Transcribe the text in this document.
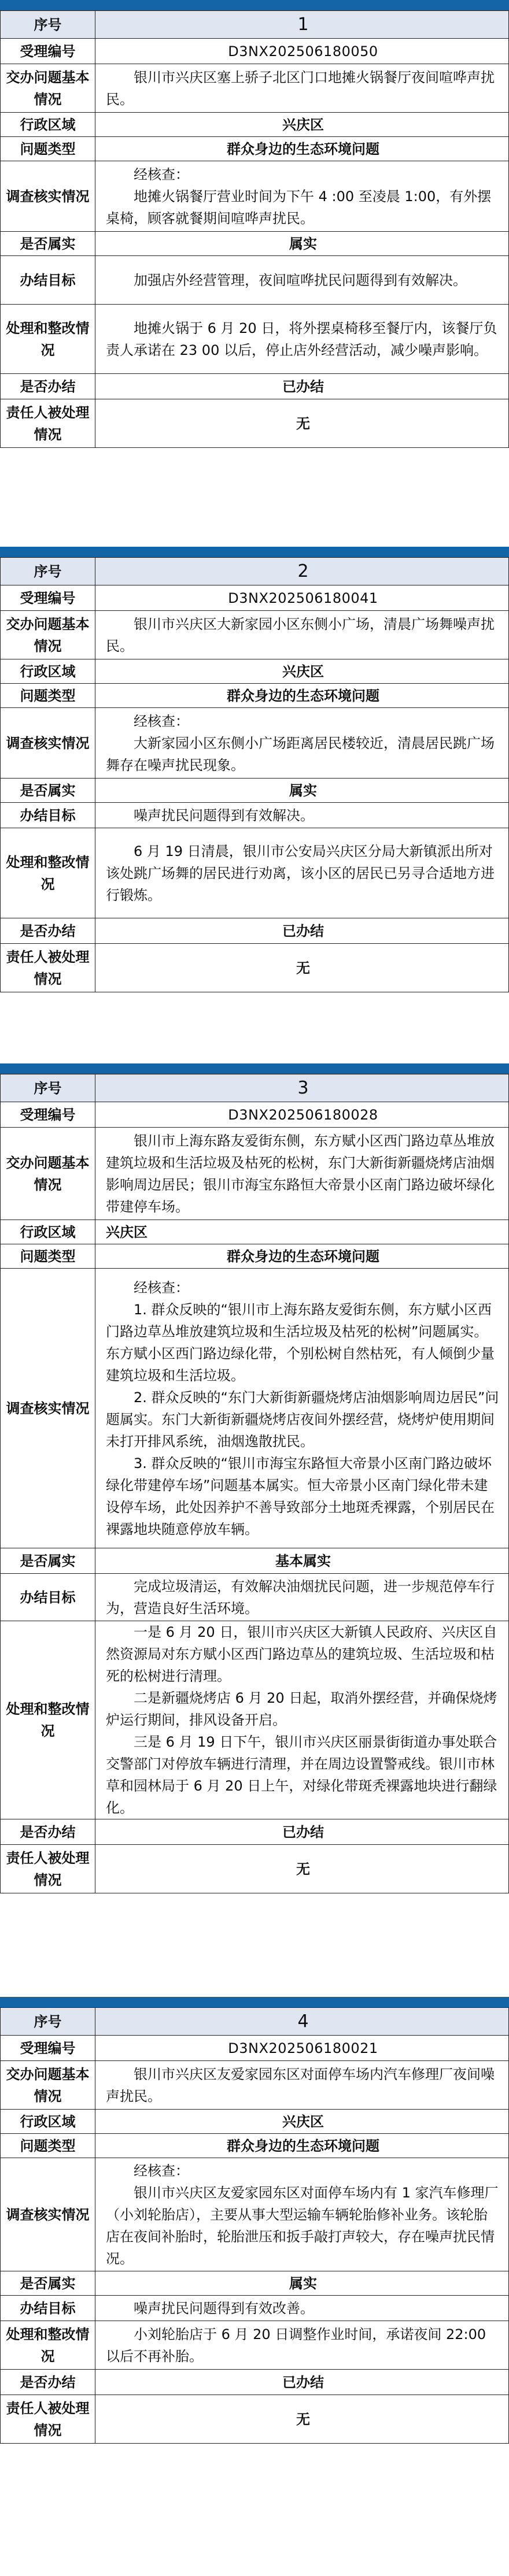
序号	1
受理编号	D3NX202506180050
交办问题基本情况	银川市兴庆区塞上骄子北区门口地摊火锅餐厅夜间喧哗声扰民。

行政区域	兴庆区
问题类型	群众身边的生态环境问题
调查核实情况	经核查：

地摊火锅餐厅营业时间为下午 4 :00 至凌晨 1:00，有外摆桌椅，顾客就餐期间喧哗声扰民。

是否属实	属实
办结目标	加强店外经营管理，夜间喧哗扰民问题得到有效解决。

处理和整改情况	地摊火锅于 6 月 20 日，将外摆桌椅移至餐厅内，该餐厅负责人承诺在 23 00 以后，停止店外经营活动，减少噪声影响。

是否办结	已办结
责任人被处理情况	无
序号	2
受理编号	D3NX202506180041
交办问题基本情况	银川市兴庆区大新家园小区东侧小广场，清晨广场舞噪声扰民。

行政区域	兴庆区
问题类型	群众身边的生态环境问题
调查核实情况	经核查：

大新家园小区东侧小广场距离居民楼较近，清晨居民跳广场舞存在噪声扰民现象。

是否属实	属实
办结目标	噪声扰民问题得到有效解决。

处理和整改情况	6 月 19 日清晨，银川市公安局兴庆区分局大新镇派出所对该处跳广场舞的居民进行劝离，该小区的居民已另寻合适地方进行锻炼。

是否办结	已办结
责任人被处理情况	无
序号	3
受理编号	D3NX202506180028
交办问题基本情况	银川市上海东路友爱街东侧，东方赋小区西门路边草丛堆放建筑垃圾和生活垃圾及枯死的松树，东门大新街新疆烧烤店油烟影响周边居民；银川市海宝东路恒大帝景小区南门路边破坏绿化带建停车场。

行政区域	兴庆区
问题类型	群众身边的生态环境问题
调查核实情况	经核查：

1. 群众反映的“银川市上海东路友爱街东侧，东方赋小区西门路边草丛堆放建筑垃圾和生活垃圾及枯死的松树”问题属实。东方赋小区西门路边绿化带，个别松树自然枯死，有人倾倒少量建筑垃圾和生活垃圾。

2. 群众反映的“东门大新街新疆烧烤店油烟影响周边居民”问题属实。东门大新街新疆烧烤店夜间外摆经营，烧烤炉使用期间未打开排风系统，油烟逸散扰民。

3. 群众反映的“银川市海宝东路恒大帝景小区南门路边破坏绿化带建停车场”问题基本属实。恒大帝景小区南门绿化带未建设停车场，此处因养护不善导致部分土地斑秃裸露，个别居民在裸露地块随意停放车辆。

是否属实	基本属实
办结目标	完成垃圾清运，有效解决油烟扰民问题，进一步规范停车行为，营造良好生活环境。

处理和整改情况	一是 6 月 20 日，银川市兴庆区大新镇人民政府、兴庆区自然资源局对东方赋小区西门路边草丛的建筑垃圾、生活垃圾和枯死的松树进行清理。

二是新疆烧烤店 6 月 20 日起，取消外摆经营，并确保烧烤炉运行期间，排风设备开启。

三是 6 月 19 日下午，银川市兴庆区丽景街街道办事处联合交警部门对停放车辆进行清理，并在周边设置警戒线。银川市林草和园林局于 6 月 20 日上午，对绿化带斑秃裸露地块进行翻绿化。

是否办结	已办结
责任人被处理情况	无
序号	4
受理编号	D3NX202506180021
交办问题基本情况	银川市兴庆区友爱家园东区对面停车场内汽车修理厂夜间噪声扰民。

行政区域	兴庆区
问题类型	群众身边的生态环境问题
调查核实情况	经核查：

银川市兴庆区友爱家园东区对面停车场内有 1 家汽车修理厂（小刘轮胎店），主要从事大型运输车辆轮胎修补业务。该轮胎店在夜间补胎时，轮胎泄压和扳手敲打声较大，存在噪声扰民情况。

是否属实	属实
办结目标	噪声扰民问题得到有效改善。

处理和整改情况	小刘轮胎店于 6 月 20 日调整作业时间，承诺夜间 22:00 以后不再补胎。

是否办结	已办结
责任人被处理情况	无
